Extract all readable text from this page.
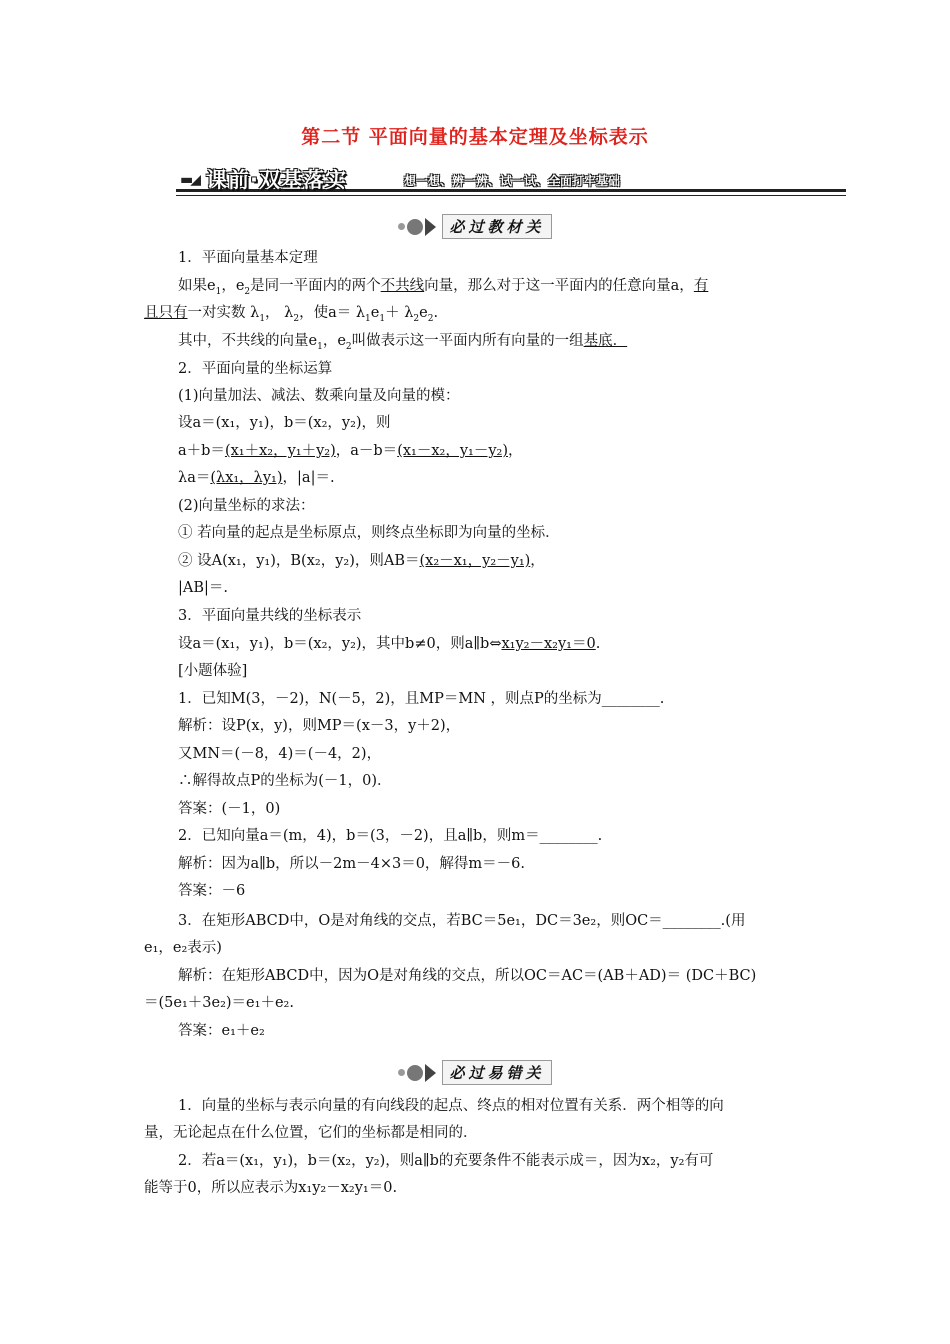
第二节 平面向量的基本定理及坐标表示
▬◢ 课前·双基落实	想一想、辨一辨、试一试、全面打牢基础
必过教材关
1．平面向量基本定理
如果$e_1$，$e_2$是同一平面内的两个不共线向量，那么对于这一平面内的任意向量a，有
且只有一对实数 $\lambda_1$， $\lambda_2$，使$a= \lambda_1e_1+ \lambda_2e_2$.
其中，不共线的向量$e_1$，$e_2$叫做表示这一平面内所有向量的一组基底．
2．平面向量的坐标运算
(1)向量加法、减法、数乘向量及向量的模：
设a＝(x₁，y₁)，b＝(x₂，y₂)，则
a＋b＝(x₁＋x₂，y₁＋y₂)，a－b＝(x₁－x₂，y₁－y₂)，
λa＝(λx₁，λy₁)，|a|＝.
(2)向量坐标的求法：
① 若向量的起点是坐标原点，则终点坐标即为向量的坐标．
② 设A(x₁，y₁)，B(x₂，y₂)，则AB＝(x₂－x₁，y₂－y₁)，
|AB|＝.
3．平面向量共线的坐标表示
设a＝(x₁，y₁)，b＝(x₂，y₂)，其中b≠0，则a∥b⇔x₁y₂－x₂y₁＝0.
[小题体验]
1．已知M(3，－2)，N(－5，2)，且MP＝MN ，则点P的坐标为________.
解析：设P(x，y)，则MP＝(x－3，y＋2)，
又MN＝(－8，4)＝(－4，2)，
∴解得故点P的坐标为(－1，0)．
答案：(－1，0)
2．已知向量a＝(m，4)，b＝(3，－2)，且a∥b，则m＝________.
解析：因为a∥b，所以－2m－4×3＝0，解得m＝－6.
答案：－6
3．在矩形ABCD中，O是对角线的交点，若BC＝5e₁，DC＝3e₂，则OC＝________.(用
e₁，e₂表示)
解析：在矩形ABCD中，因为O是对角线的交点，所以OC＝AC＝(AB＋AD)＝ (DC＋BC)
＝(5e₁＋3e₂)＝e₁＋e₂.
答案：e₁＋e₂
必过易错关
1．向量的坐标与表示向量的有向线段的起点、终点的相对位置有关系．两个相等的向
量，无论起点在什么位置，它们的坐标都是相同的．
2．若a＝(x₁，y₁)，b＝(x₂，y₂)，则a∥b的充要条件不能表示成＝，因为x₂，y₂有可
能等于0，所以应表示为x₁y₂－x₂y₁＝0.
